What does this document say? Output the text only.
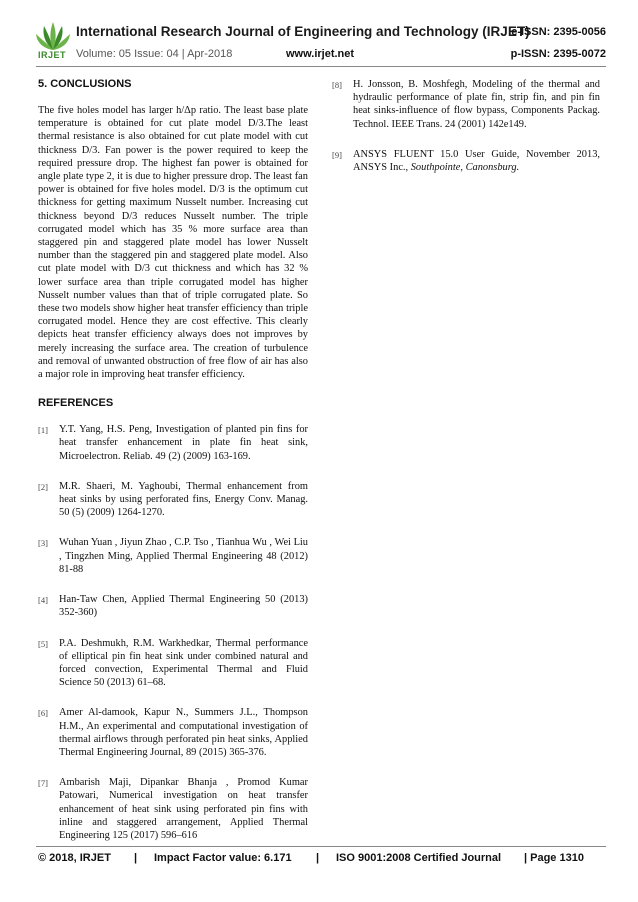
IRJET
International Research Journal of Engineering and Technology (IRJET)
e-ISSN: 2395-0056
Volume: 05 Issue: 04 | Apr-2018	www.irjet.net	p-ISSN: 2395-0072
5. CONCLUSIONS

The five holes model has larger h/Δp ratio. The least base plate temperature is obtained for cut plate model D/3.The least thermal resistance is also obtained for cut plate model with cut thickness D/3. Fan power is the power required to keep the required pressure drop. The highest fan power is obtained for angle plate type 2, it is due to higher pressure drop. The least fan power is obtained for five holes model. D/3 is the optimum cut thickness for getting maximum Nusselt number. Increasing cut thickness beyond D/3 reduces Nusselt number. The triple corrugated model which has 35 % more surface area than staggered pin and staggered plate model has lower Nusselt number than the staggered pin and staggered plate model. Also cut plate model with D/3 cut thickness and which has 32 % lower surface area than triple corrugated model has higher Nusselt number values than that of triple corrugated plate. So these two models show higher heat transfer efficiency than triple corrugated model. Hence they are cost effective. This clearly depicts heat transfer efficiency always does not improves by merely increasing the surface area. The creation of turbulence and removal of unwanted obstruction of free flow of air has also a major role in improving heat transfer efficiency.

REFERENCES
[1]	Y.T. Yang, H.S. Peng, Investigation of planted pin fins for heat transfer enhancement in plate fin heat sink, Microelectron. Reliab. 49 (2) (2009) 163-169.
[2]	M.R. Shaeri, M. Yaghoubi, Thermal enhancement from heat sinks by using perforated fins, Energy Conv. Manag. 50 (5) (2009) 1264-1270.
[3]	Wuhan Yuan , Jiyun Zhao , C.P. Tso , Tianhua Wu , Wei Liu , Tingzhen Ming, Applied Thermal Engineering 48 (2012) 81-88
[4]	Han-Taw Chen, Applied Thermal Engineering 50 (2013) 352-360)
[5]	P.A. Deshmukh, R.M. Warkhedkar, Thermal performance of elliptical pin fin heat sink under combined natural and forced convection, Experimental Thermal and Fluid Science 50 (2013) 61–68.
[6]	Amer Al-damook, Kapur N., Summers J.L., Thompson H.M., An experimental and computational investigation of thermal airflows through perforated pin heat sinks, Applied Thermal Engineering Journal, 89 (2015) 365-376.
[7]	Ambarish Maji, Dipankar Bhanja , Promod Kumar Patowari, Numerical investigation on heat transfer enhancement of heat sink using perforated pin fins with inline and staggered arrangement, Applied Thermal Engineering 125 (2017) 596–616
[8]	H. Jonsson, B. Moshfegh, Modeling of the thermal and hydraulic performance of plate fin, strip fin, and pin fin heat sinks-influence of flow bypass, Components Packag. Technol. IEEE Trans. 24 (2001) 142e149.
[9]	ANSYS FLUENT 15.0 User Guide, November 2013, ANSYS Inc., Southpointe, Canonsburg.
© 2018, IRJET | Impact Factor value: 6.171 | ISO 9001:2008 Certified Journal | Page 1310
